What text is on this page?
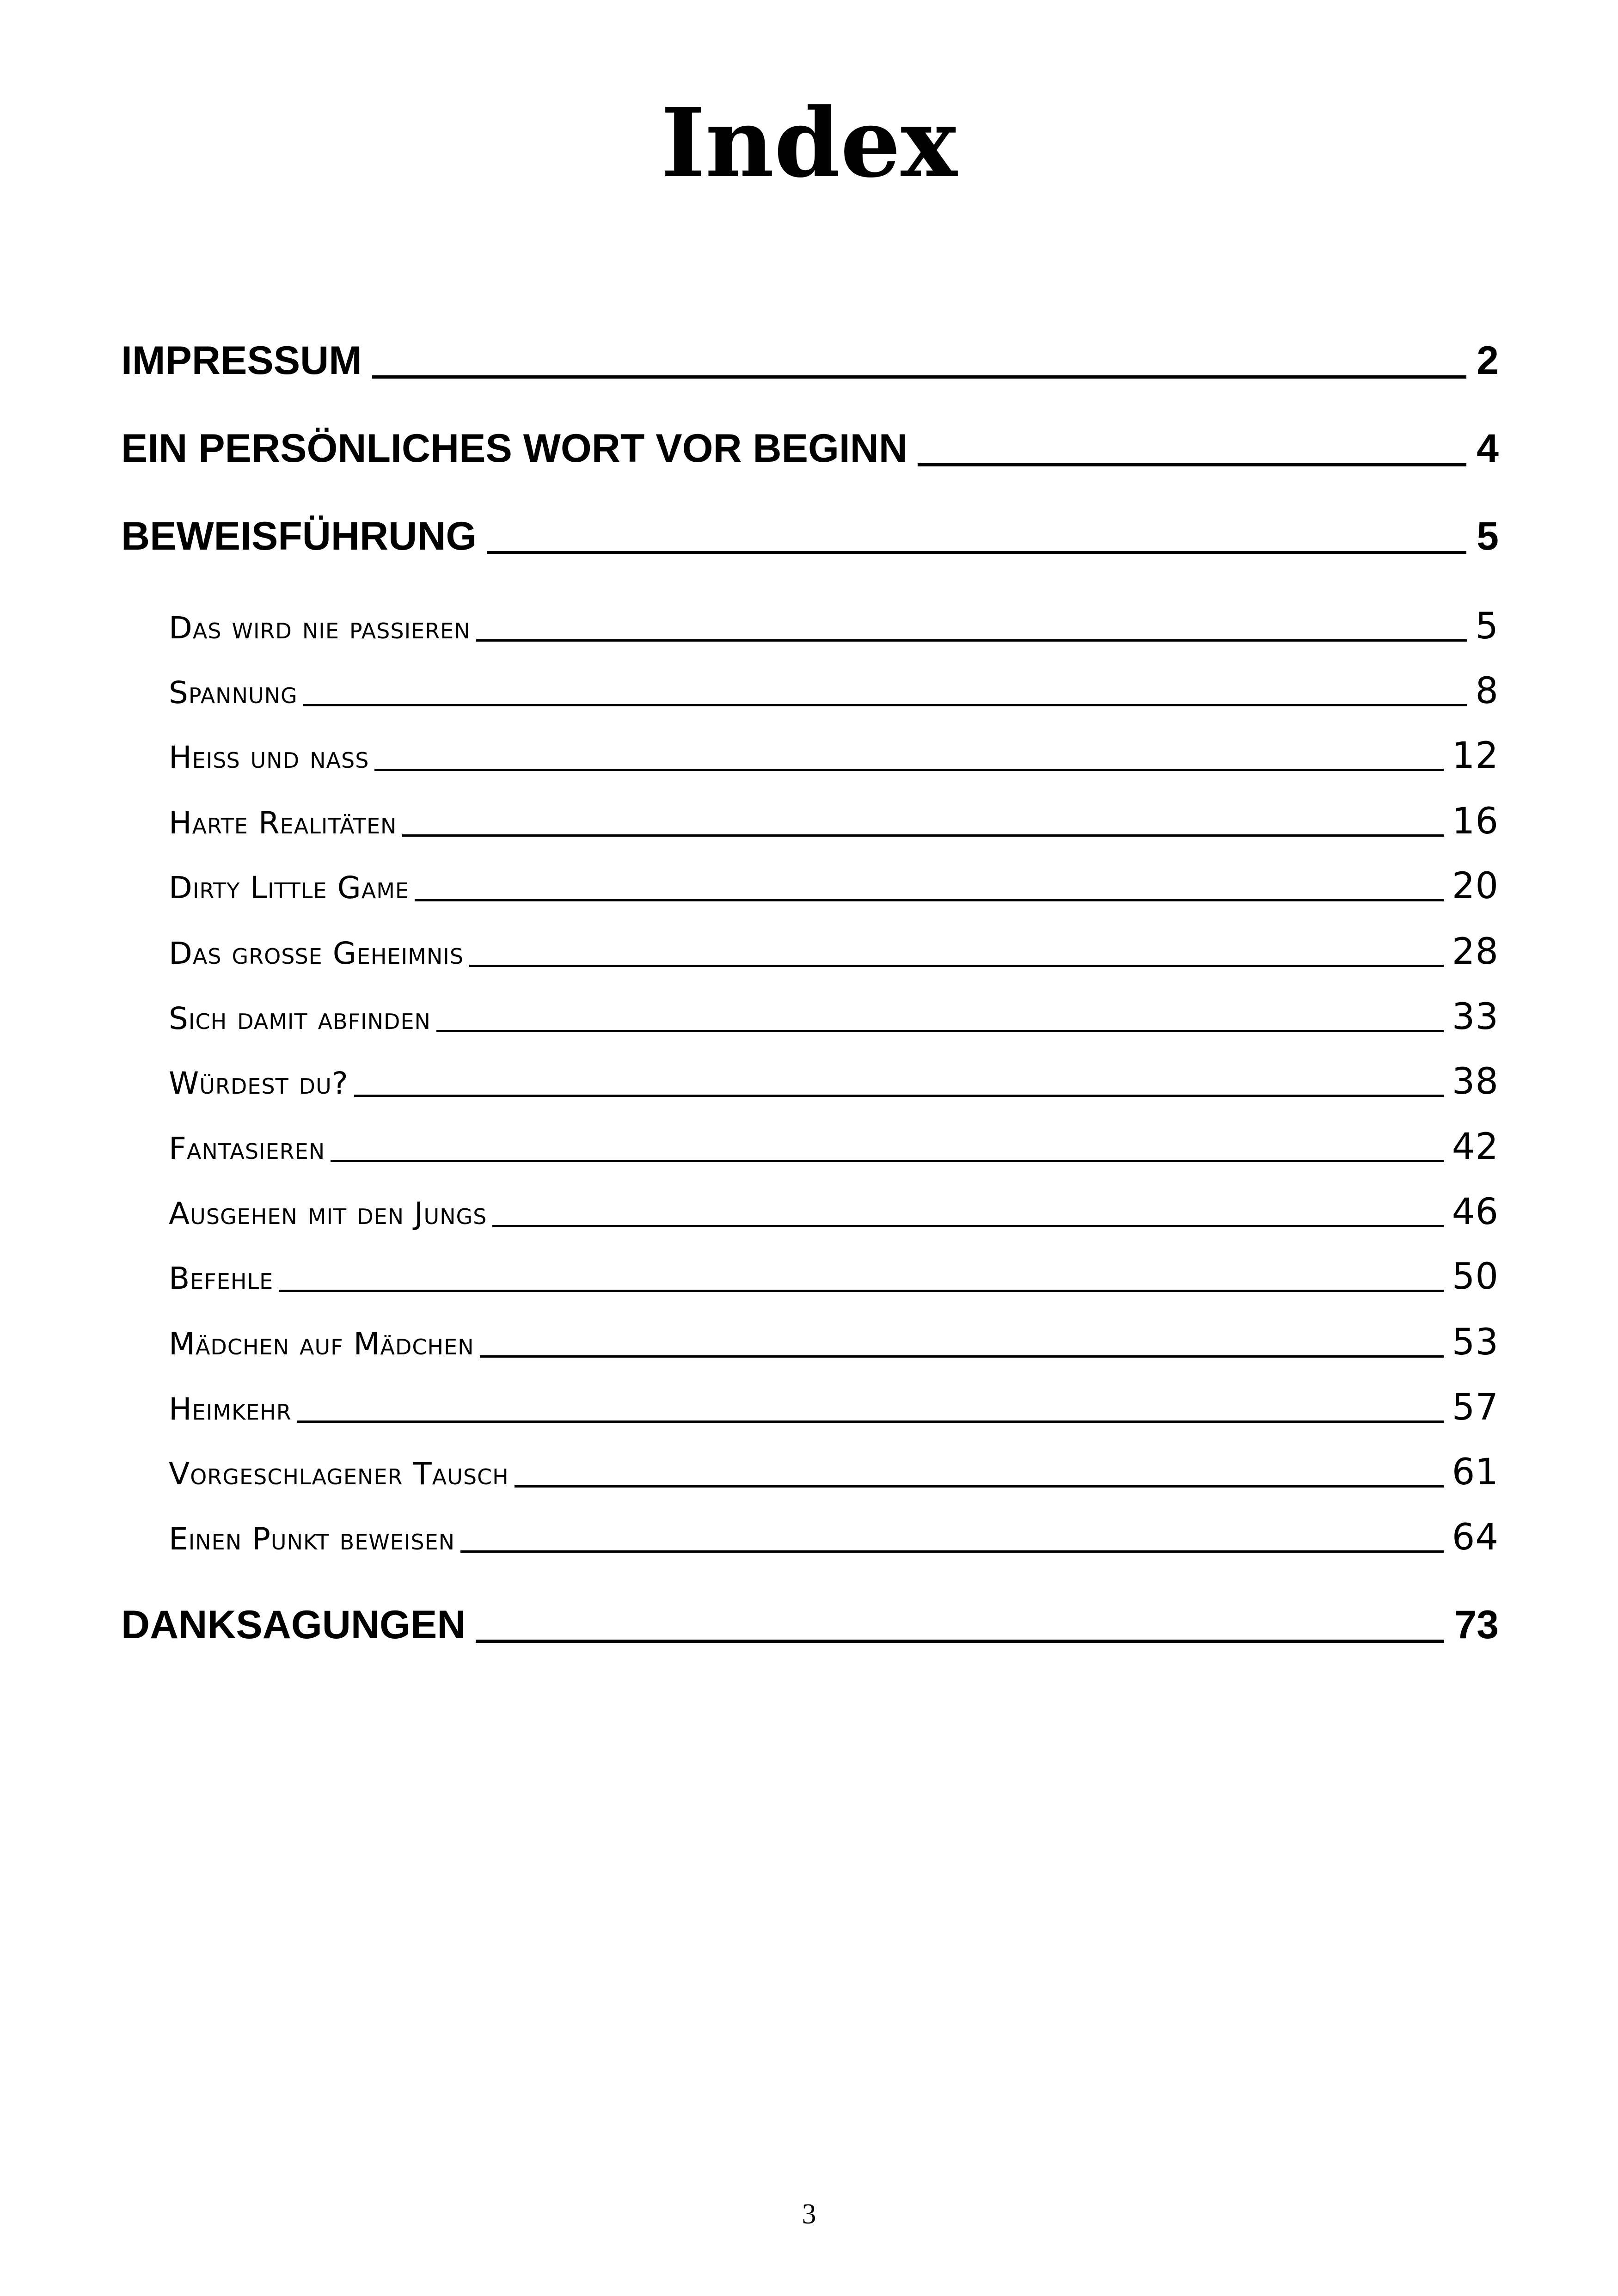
Index
IMPRESSUM	2
EIN PERSÖNLICHES WORT VOR BEGINN	4
BEWEISFÜHRUNG	5
Das wird nie passieren	5
Spannung	8
Heiß und nass	12
Harte Realitäten	16
Dirty Little Game	20
Das große Geheimnis	28
Sich damit abfinden	33
Würdest du?	38
Fantasieren	42
Ausgehen mit den Jungs	46
Befehle	50
Mädchen auf Mädchen	53
Heimkehr	57
Vorgeschlagener Tausch	61
Einen Punkt beweisen	64
DANKSAGUNGEN	73
3
